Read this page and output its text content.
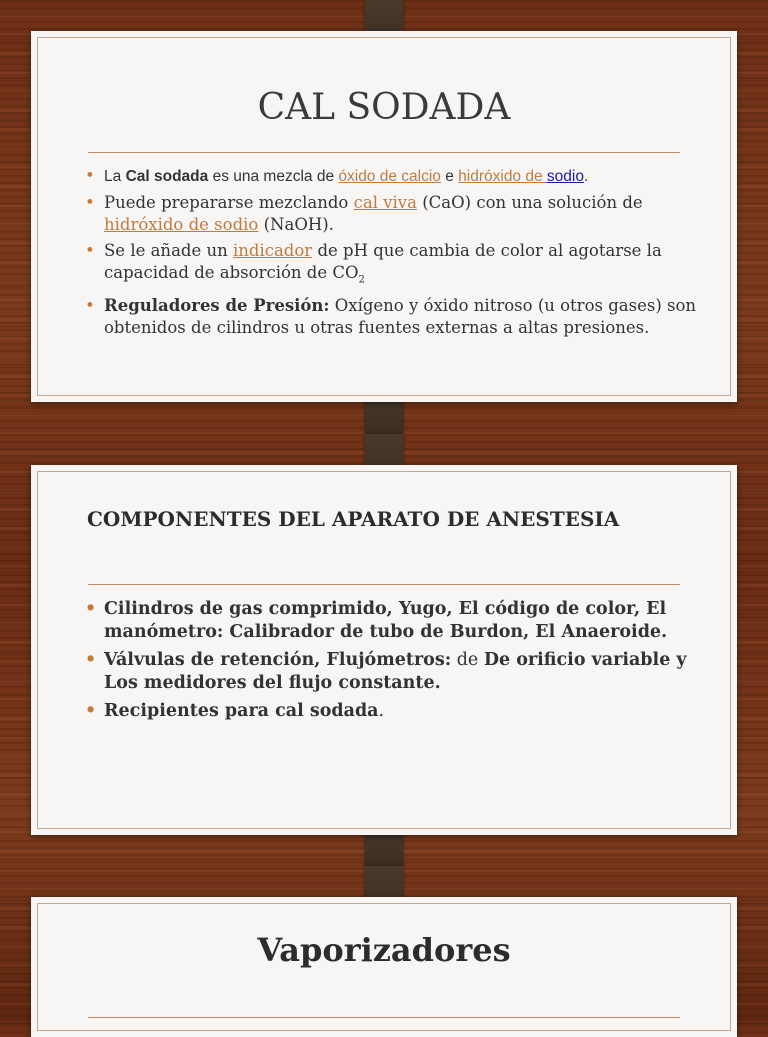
CAL SODADA
• La Cal sodada es una mezcla de óxido de calcio e hidróxido de sodio.
• Puede prepararse mezclando cal viva (CaO) con una solución de hidróxido de sodio (NaOH).
• Se le añade un indicador de pH que cambia de color al agotarse la capacidad de absorción de $CO_2$
• Reguladores de Presión: Oxígeno y óxido nitroso (u otros gases) son obtenidos de cilindros u otras fuentes externas a altas presiones.
COMPONENTES DEL APARATO DE ANESTESIA
• Cilindros de gas comprimido, Yugo, El código de color, El manómetro: Calibrador de tubo de Burdon, El Anaeroide.
• Válvulas de retención, Flujómetros: de De orificio variable y Los medidores del flujo constante.
• Recipientes para cal sodada.
Vaporizadores
